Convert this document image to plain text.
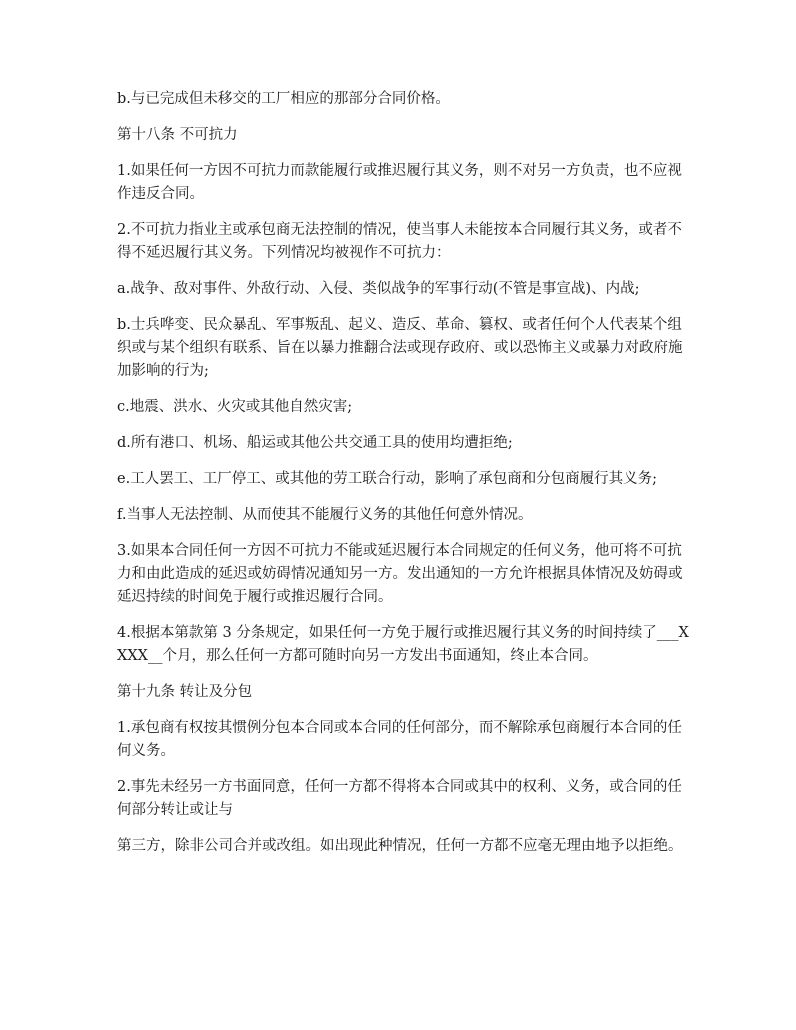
b.与已完成但未移交的工厂相应的那部分合同价格。

第十八条 不可抗力

1.如果任何一方因不可抗力而款能履行或推迟履行其义务，则不对另一方负责，也不应视作违反合同。

2.不可抗力指业主或承包商无法控制的情况，使当事人未能按本合同履行其义务，或者不得不延迟履行其义务。下列情况均被视作不可抗力：

a.战争、敌对事件、外敌行动、入侵、类似战争的军事行动(不管是事宣战)、内战;

b.士兵哗变、民众暴乱、军事叛乱、起义、造反、革命、篡权、或者任何个人代表某个组织或与某个组织有联系、旨在以暴力推翻合法或现存政府、或以恐怖主义或暴力对政府施加影响的行为;

c.地震、洪水、火灾或其他自然灾害;

d.所有港口、机场、船运或其他公共交通工具的使用均遭拒绝;

e.工人罢工、工厂停工、或其他的劳工联合行动，影响了承包商和分包商履行其义务;

f.当事人无法控制、从而使其不能履行义务的其他任何意外情况。

3.如果本合同任何一方因不可抗力不能或延迟履行本合同规定的任何义务，他可将不可抗力和由此造成的延迟或妨碍情况通知另一方。发出通知的一方允许根据具体情况及妨碍或延迟持续的时间免于履行或推迟履行合同。

4.根据本第款第 3 分条规定，如果任何一方免于履行或推迟履行其义务的时间持续了___XXXX__个月，那么任何一方都可随时向另一方发出书面通知，终止本合同。

第十九条 转让及分包

1.承包商有权按其惯例分包本合同或本合同的任何部分，而不解除承包商履行本合同的任何义务。

2.事先未经另一方书面同意，任何一方都不得将本合同或其中的权利、义务，或合同的任何部分转让或让与

第三方，除非公司合并或改组。如出现此种情况，任何一方都不应毫无理由地予以拒绝。
